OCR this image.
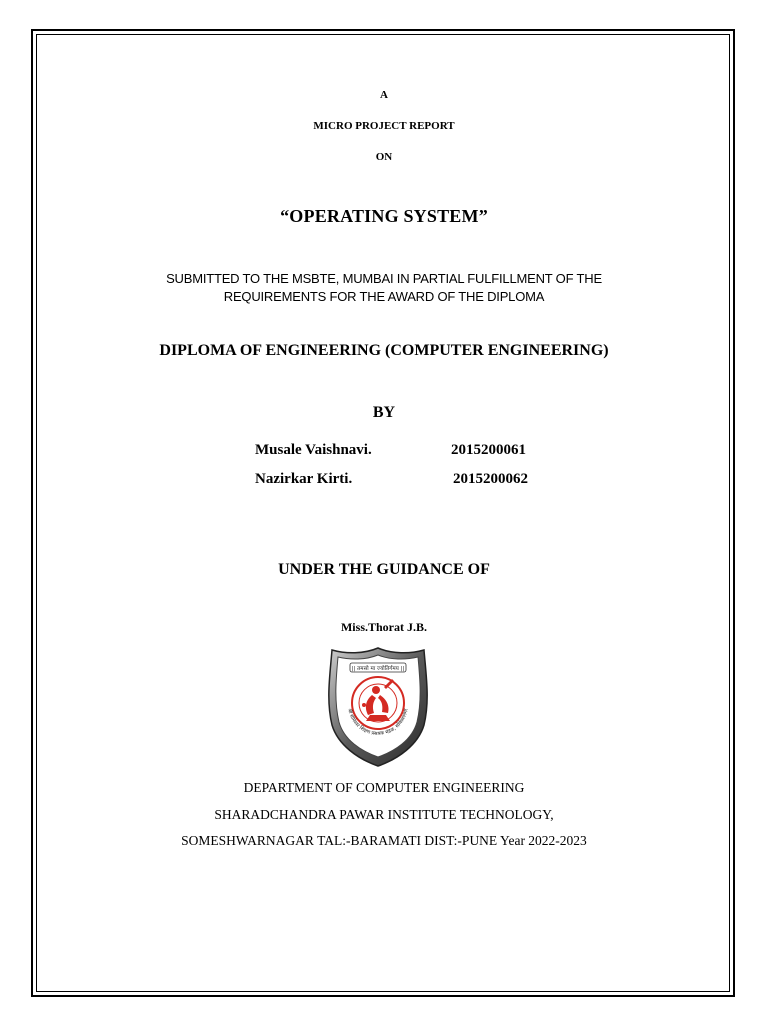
A
MICRO PROJECT REPORT
ON
“OPERATING SYSTEM”
SUBMITTED TO THE MSBTE, MUMBAI IN PARTIAL FULFILLMENT OF THE
REQUIREMENTS FOR THE AWARD OF THE DIPLOMA
DIPLOMA OF ENGINEERING (COMPUTER ENGINEERING)
BY
Musale Vaishnavi.	2015200061
Nazirkar Kirti.	2015200062
UNDER THE GUIDANCE OF
Miss.Thorat J.B.
|| तमसो मा ज्योतिर्गमय ||
श्री सोमेश्वर शिक्षण प्रसारक मंडळ, सोमेश्वरनगर
DEPARTMENT OF COMPUTER ENGINEERING
SHARADCHANDRA PAWAR INSTITUTE TECHNOLOGY,
SOMESHWARNAGAR TAL:-BARAMATI DIST:-PUNE Year 2022-2023
